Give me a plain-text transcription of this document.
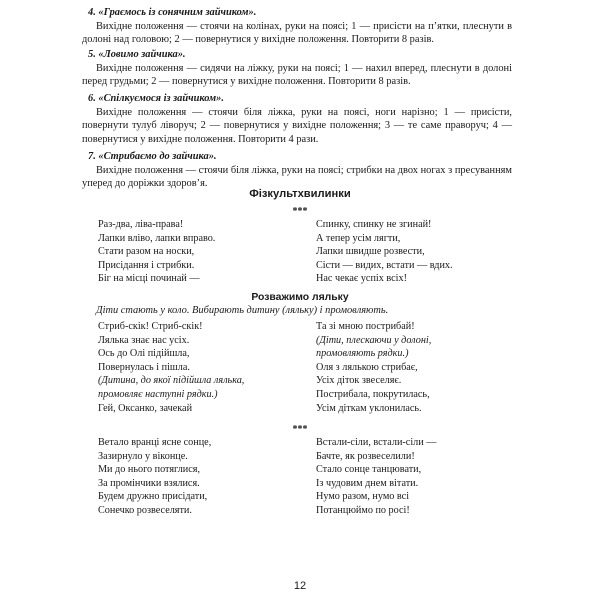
4. «Граємось із сонячним зайчиком».
Вихідне положення — стоячи на колінах, руки на поясі; 1 — присісти на п’ятки, плеснути в долоні над головою; 2 — повернутися у вихідне положення. Повторити 8 разів.
5. «Ловимо зайчика».
Вихідне положення — сидячи на ліжку, руки на поясі; 1 — нахил вперед, плеснути в долоні перед грудьми; 2 — повернутися у вихідне положення. Повторити 8 разів.
6. «Спілкуємося із зайчиком».
Вихідне положення — стоячи біля ліжка, руки на поясі, ноги нарізно; 1 — присісти, повернути тулуб ліворуч; 2 — повернутися у вихідне положення; 3 — те саме праворуч; 4 — повернутися у вихідне положення. Повторити 4 рази.
7. «Стрибаємо до зайчика».
Вихідне положення — стоячи біля ліжка, руки на поясі; стрибки на двох ногах з пресуванням уперед до доріжки здоров’я.
Фізкультхвилинки
***
Раз-два, ліва-права!
Лапки вліво, лапки вправо.
Стати разом на носки,
Присідання і стрибки.
Біг на місці починай —
Спинку, спинку не згинай!
А тепер усім лягти,
Лапки швидше розвести,
Сісти — видих, встати — вдих.
Нас чекає успіх всіх!
Розважимо ляльку
Діти стають у коло. Вибирають дитину (ляльку) і промовляють.
Стриб-скік! Стриб-скік!
Лялька знає нас усіх.
Ось до Олі підійшла,
Повернулась і пішла.
(Дитина, до якої підійшла лялька,
промовляє наступні рядки.)
Гей, Оксанко, зачекай
Та зі мною пострибай!
(Діти, плескаючи у долоні,
промовляють рядки.)
Оля з лялькою стрибає,
Усіх діток звеселяє.
Пострибала, покрутилась,
Усім діткам уклонилась.
***
Ветало вранці ясне сонце,
Зазирнуло у віконце.
Ми до нього потяглися,
За промінчики взялися.
Будем дружно присідати,
Сонечко розвеселяти.
Встали-сіли, встали-сіли —
Бачте, як розвеселили!
Стало сонце танцювати,
Із чудовим днем вітати.
Нумо разом, нумо всі
Потанцюймо по росі!
12
